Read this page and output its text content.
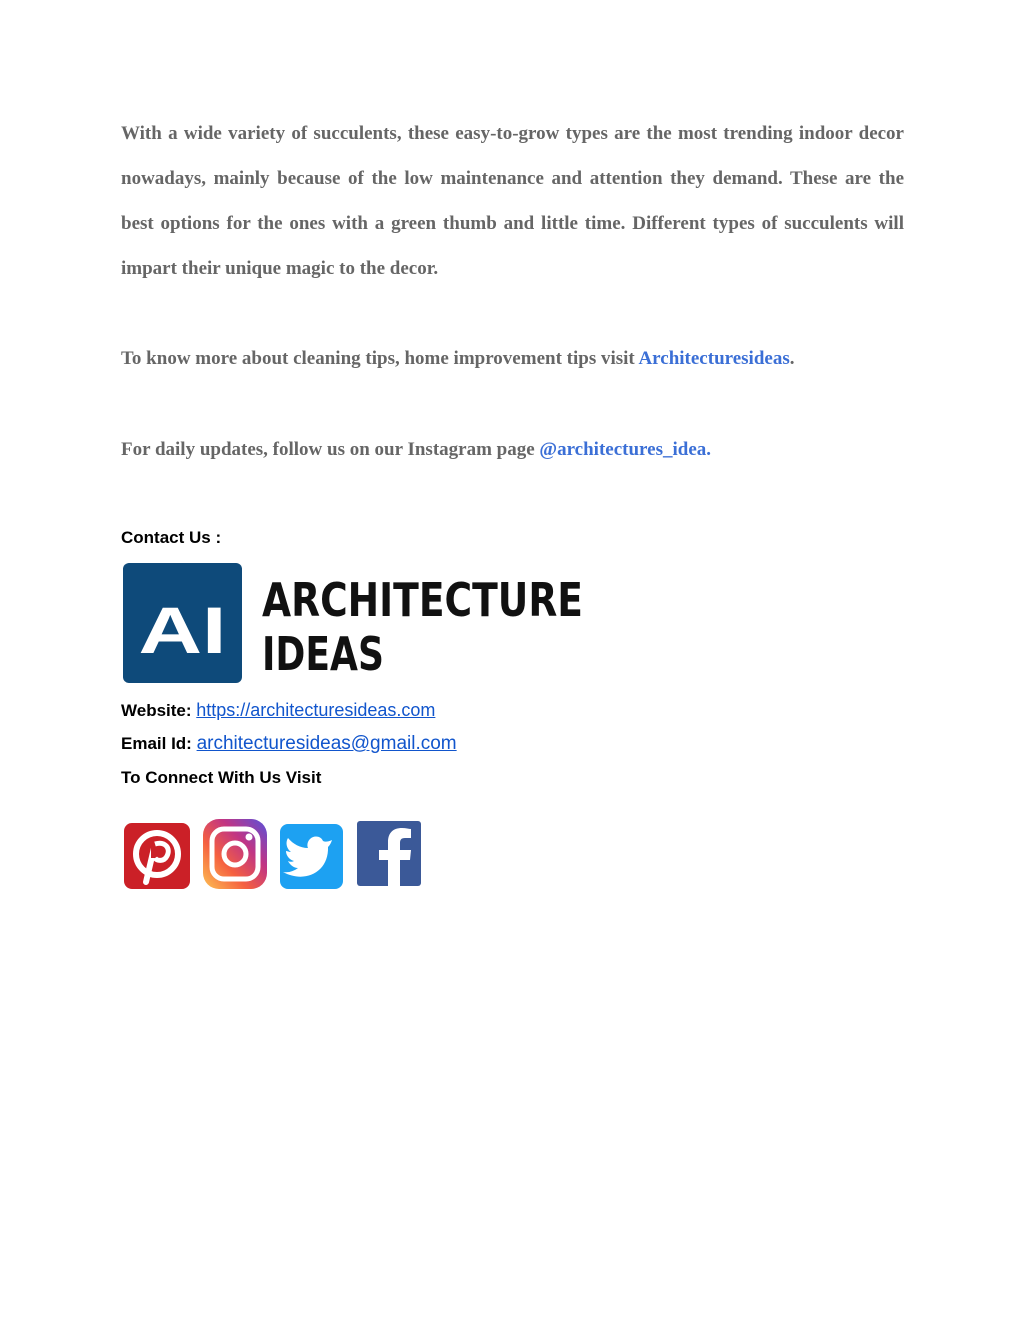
With a wide variety of succulents, these easy-to-grow types are the most trending indoor decor nowadays, mainly because of the low maintenance and attention they demand. These are the best options for the ones with a green thumb and little time. Different types of succulents will impart their unique magic to the decor.

To know more about cleaning tips, home improvement tips visit Architecturesideas.

For daily updates, follow us on our Instagram page @architectures_idea.

Contact Us :
AI ARCHITECTURE
IDEAS
Website: https://architecturesideas.com
Email Id: architecturesideas@gmail.com
To Connect With Us Visit
